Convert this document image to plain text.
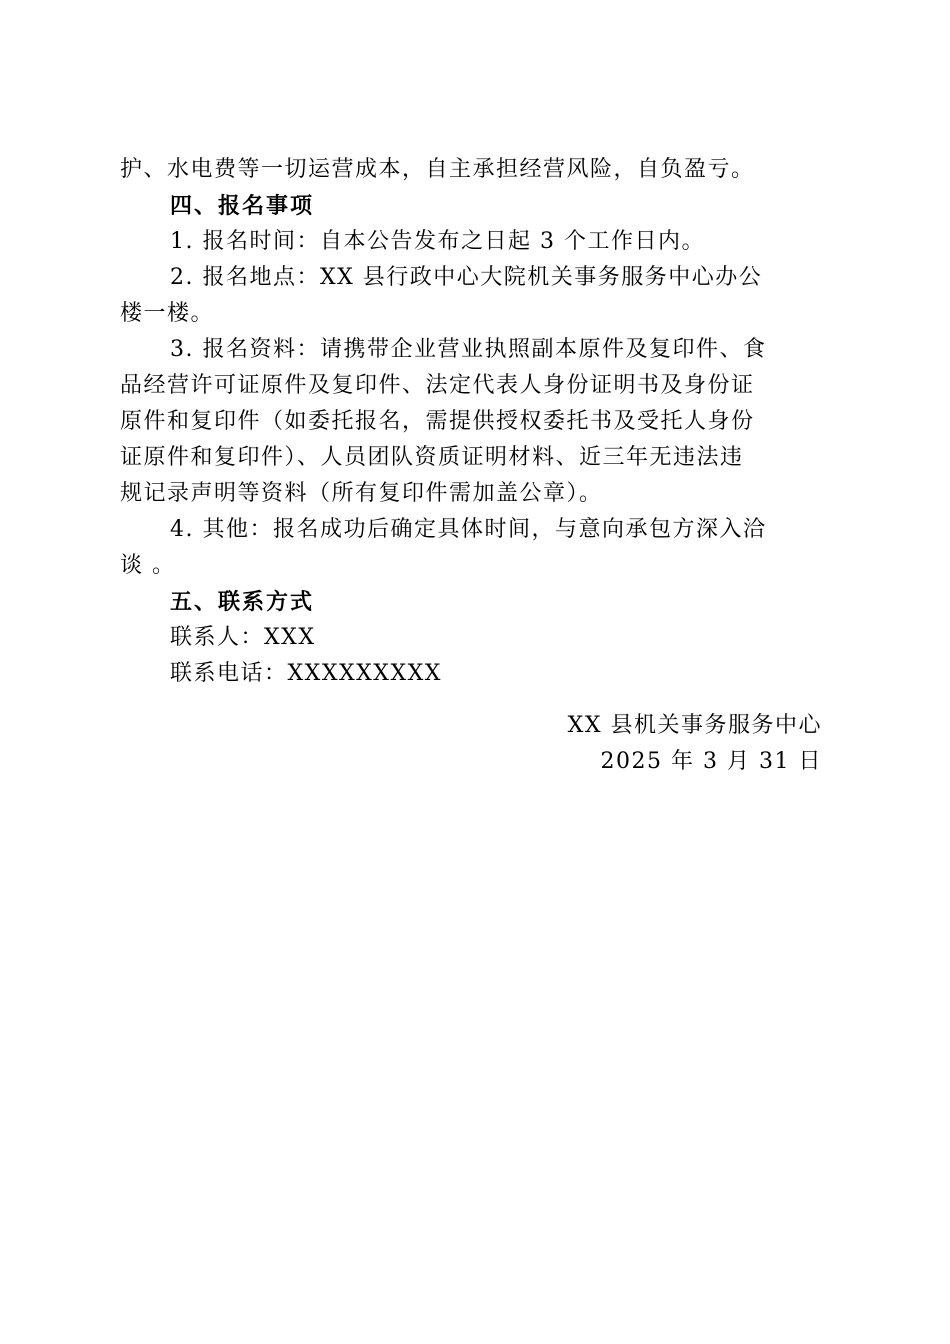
护、水电费等一切运营成本，自主承担经营风险，自负盈亏。
四、报名事项
1. 报名时间：自本公告发布之日起 3 个工作日内。
2. 报名地点：XX 县行政中心大院机关事务服务中心办公
楼一楼。
3. 报名资料：请携带企业营业执照副本原件及复印件、食
品经营许可证原件及复印件、法定代表人身份证明书及身份证
原件和复印件（如委托报名，需提供授权委托书及受托人身份
证原件和复印件）、人员团队资质证明材料、近三年无违法违
规记录声明等资料（所有复印件需加盖公章）。
4. 其他：报名成功后确定具体时间，与意向承包方深入洽
谈 。
五、联系方式
联系人：XXX
联系电话：XXXXXXXXX
XX 县机关事务服务中心
2025 年 3 月 31 日
